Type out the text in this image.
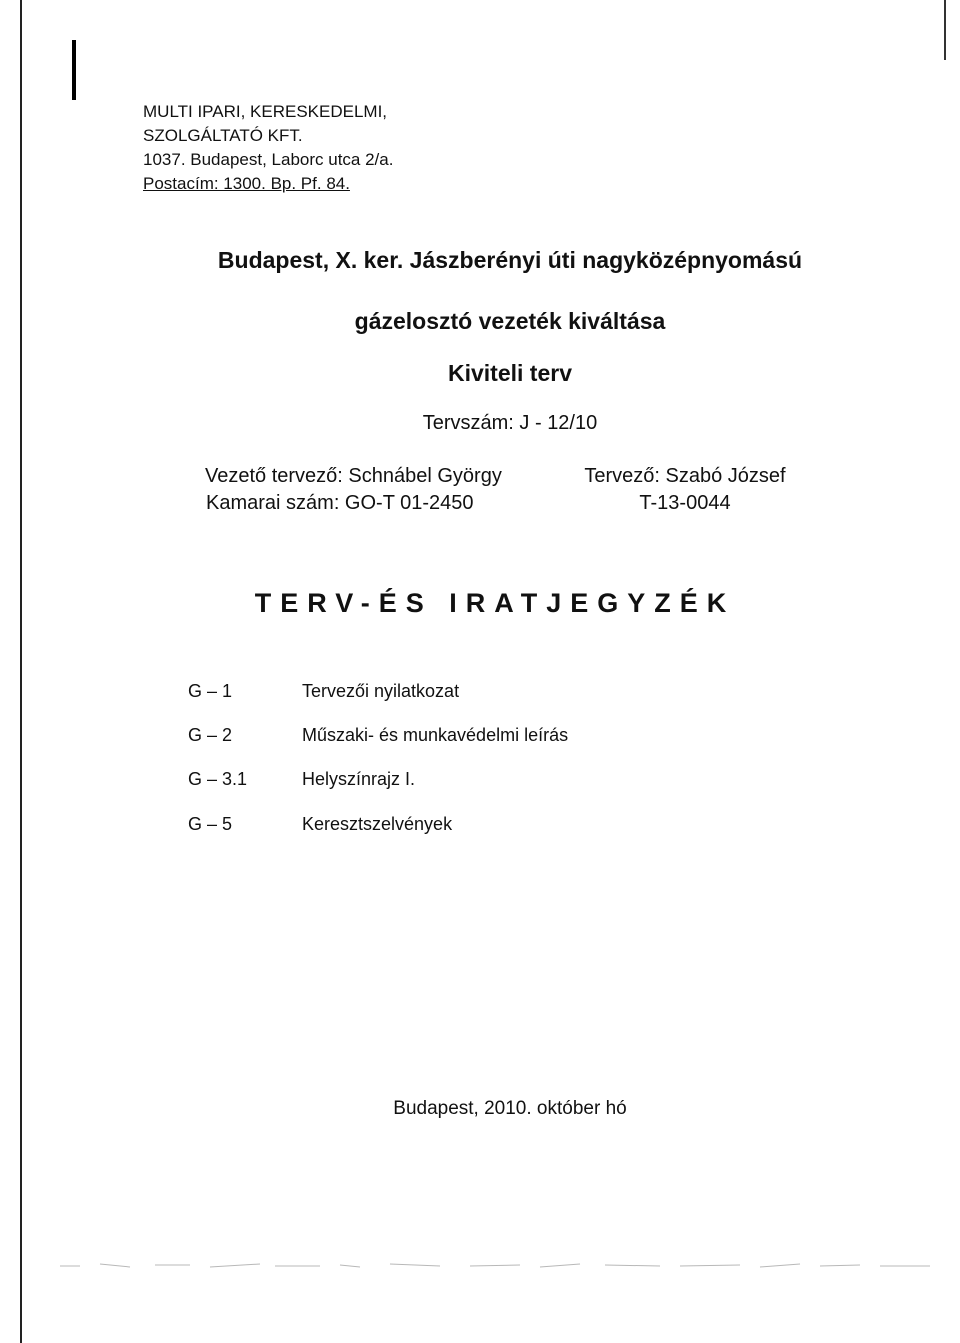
MULTI IPARI, KERESKEDELMI,
SZOLGÁLTATÓ KFT.
1037. Budapest, Laborc utca 2/a.
Postacím: 1300. Bp. Pf. 84.
Budapest, X. ker. Jászberényi úti nagyközépnyomású
gázelosztó vezeték kiváltása
Kiviteli terv
Tervszám: J - 12/10
Vezető tervező: Schnábel György
Kamarai szám: GO-T 01-2450
Tervező: Szabó József
T-13-0044
TERV-ÉS IRATJEGYZÉK
G – 1	Tervezői nyilatkozat
G – 2	Műszaki- és munkavédelmi leírás
G – 3.1	Helyszínrajz I.
G – 5	Keresztszelvények
Budapest, 2010. október hó
